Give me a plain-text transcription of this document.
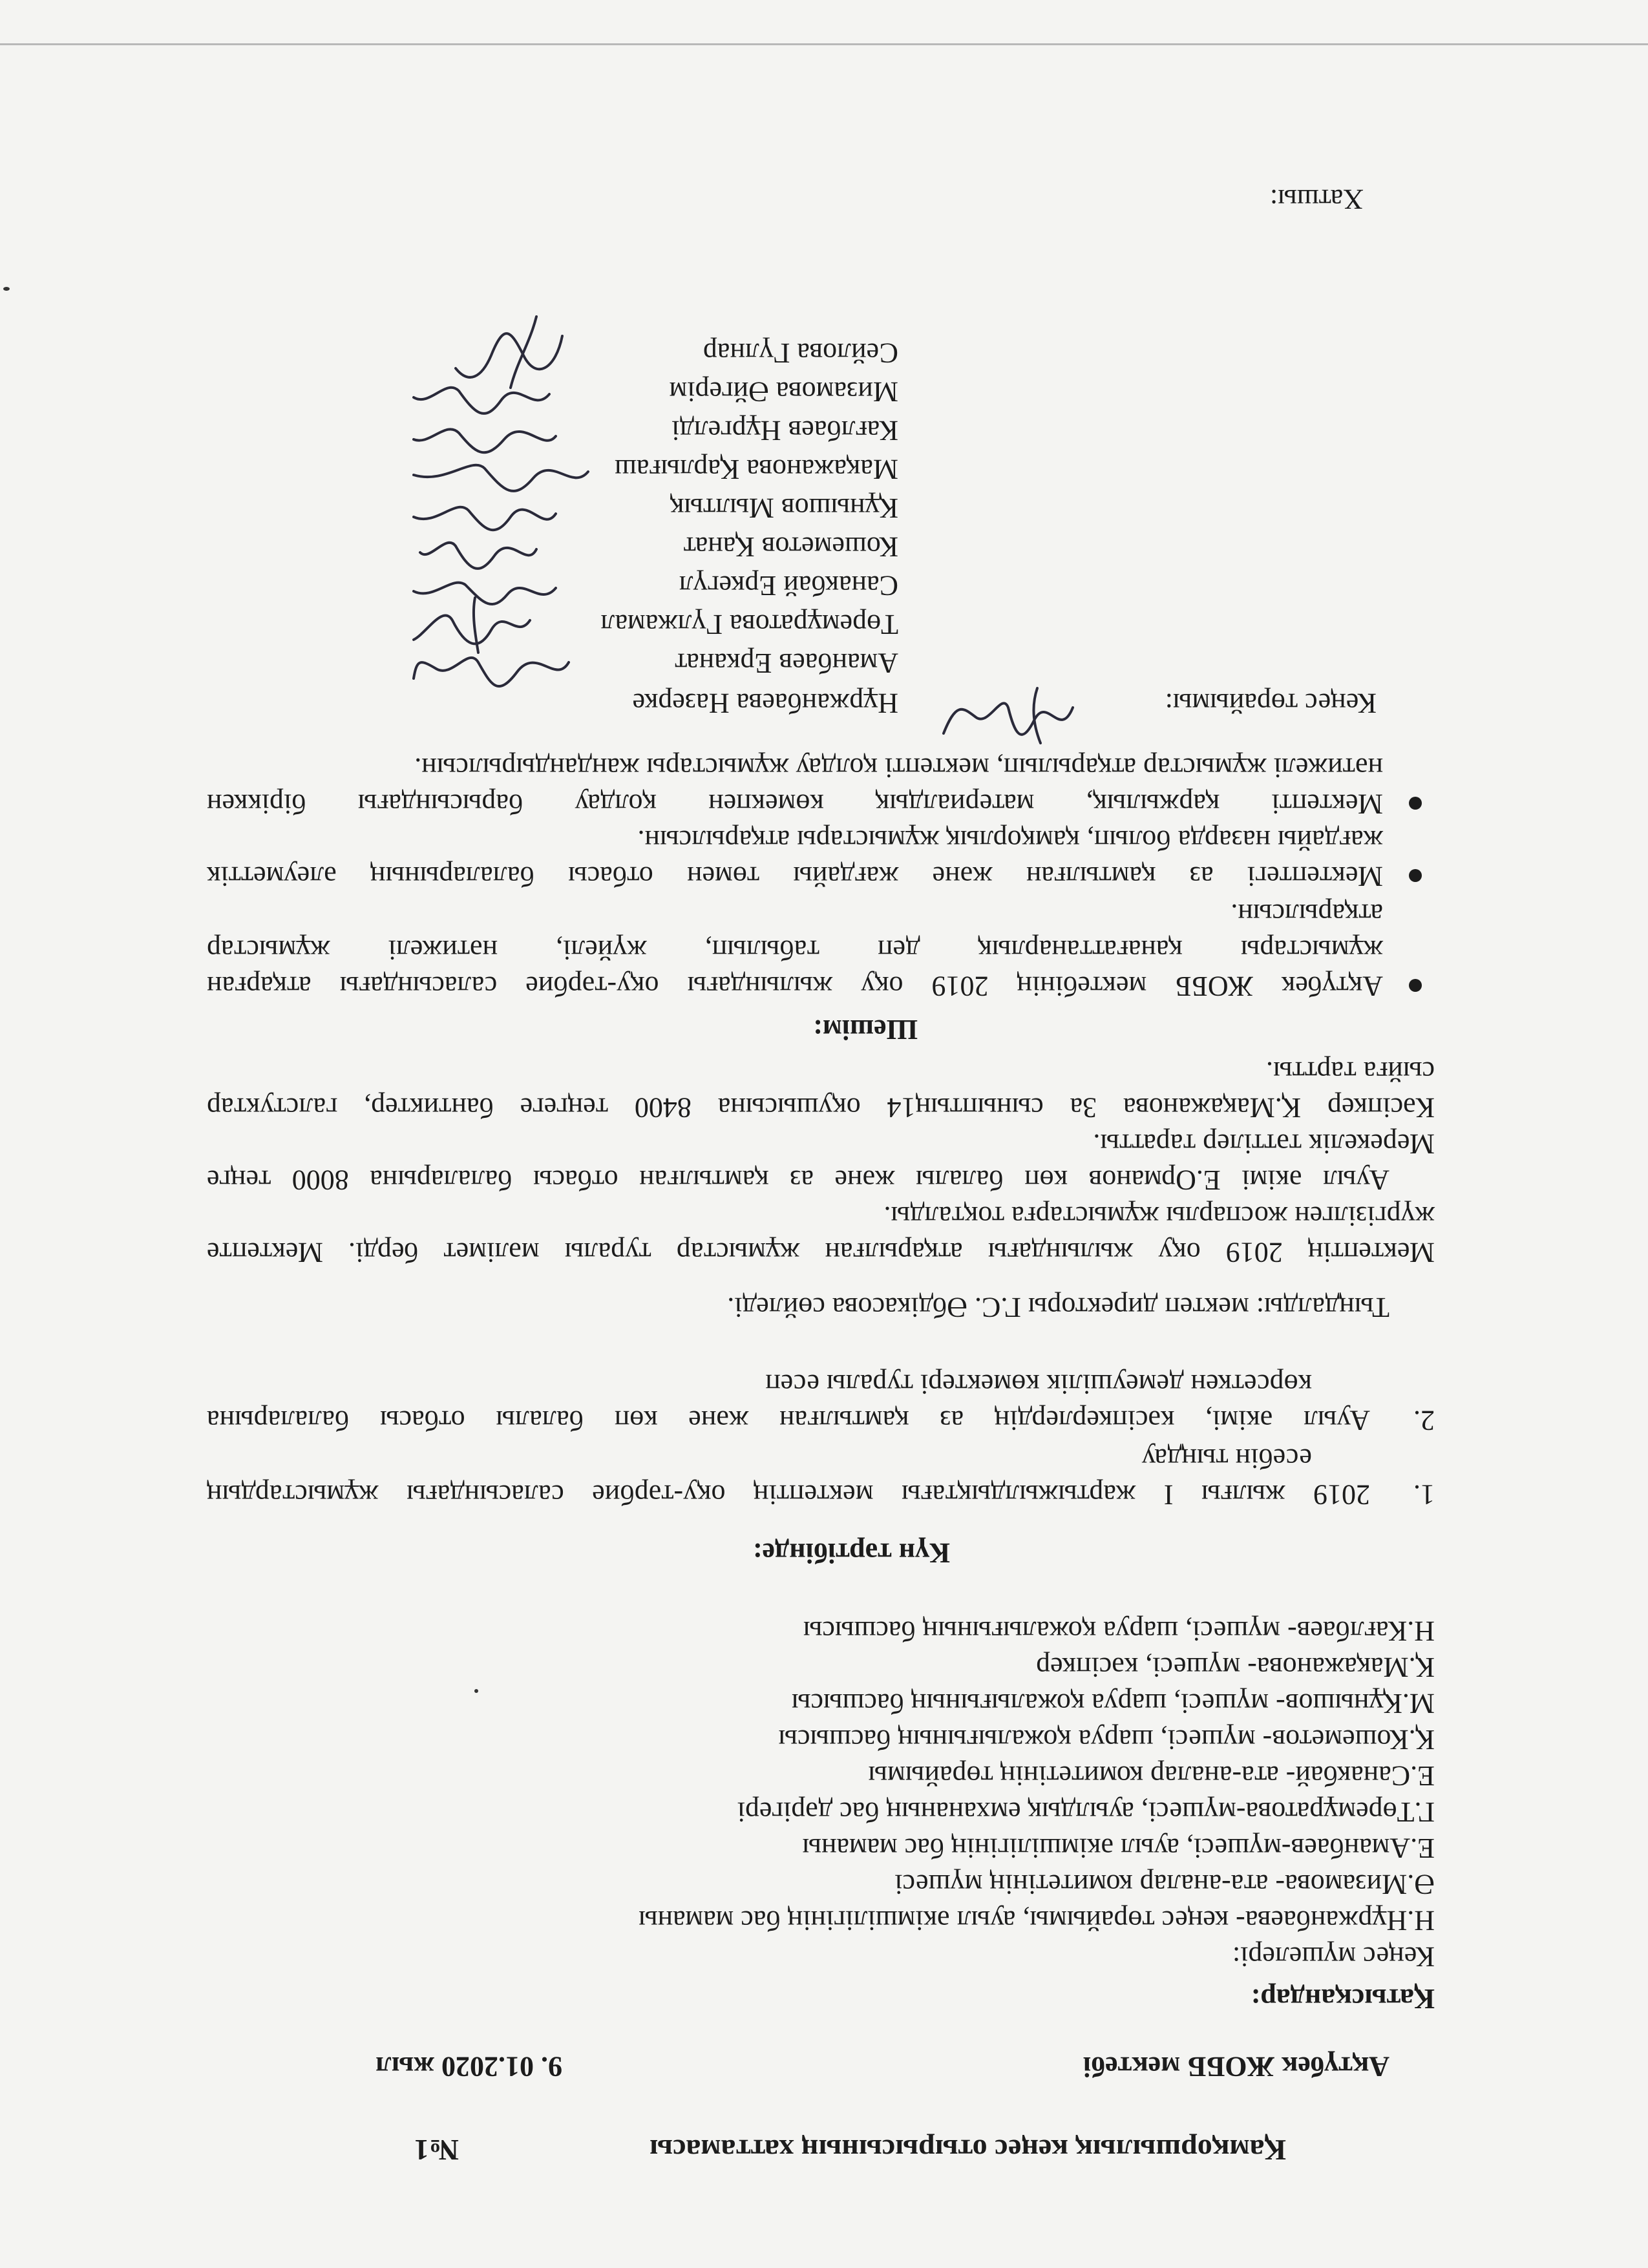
Қамқоршылық кеңес отырысының хаттамасы
№1
Ақтүбек ЖОББ мектебі
9. 01.2020 жыл
Қатысқандар:
Кеңес мүшелері:
Н.Нұржанбаева- кеңес төрайымы, ауыл әкімшілігінің бас маманы
Ә.Мизамова- ата-аналар комитетінің мүшесі
Е.Аманбаев-мүшесі, ауыл әкімшілігінің бас маманы
Г.Төремұратова-мүшесі, ауылдық емхананың бас дәрігері
Е.Санакбай- ата-аналар комитетінің төрайымы
Қ.Кошеметов- мүшесі, шаруа қожалығының басшысы
М.Құнышов- мүшесі, шаруа қожалығының басшысы
Қ.Мақажанова- мүшесі, кәсіпкер
Н.Кағлбаев- мүшесі, шаруа қожалығының басшысы
Күн тәртібінде:
1.
2019 жылғы І жартыжылдықтағы мектептің оқу-тәрбие саласындағы жұмыстардың
есебін тыңдау
2.
Ауыл әкімі, кәсіпкерлердің аз қамтылған және көп балалы отбасы балаларына
көрсеткен демеушілік көмектері туралы есеп
Тыңдалды: мектеп директоры Г.С. Әбдікасова сөйледі.
Мектептің 2019 оқу жылындағы атқарылған жұмыстар туралы мәлімет берді. Мектепте
жүргізілген жоспарлы жұмыстарға тоқталды.
Ауыл әкімі Е.Орманов көп балалы және аз қамтылған отбасы балаларына 8000 теңге
Мерекелік тәттілер таратты.
Кәсіпкер Қ.Мақажанова 3а сыныптың14 оқушысына 8400 теңгеге бантиктер, галстуктар
сыйға тартты.
Шешім:
Ақтүбек ЖОББ мектебінің 2019 оқу жылындағы оқу-тәрбие саласындағы атқарған
жұмыстары қанағаттанарлық деп табылып, жүйелі, нәтижелі жұмыстар
атқарылсын.
Мектептегі аз қамтылған және жағдайы төмен отбасы балаларының әлеуметтік
жағдайы назарда болып, қамқорлық жұмыстары атқарылсын.
Мектепті қаржылық, материалдық көмекпен қолдау барысындағы біріккен
нәтижелі жұмыстар атқарылып, мектепті қолдау жұмыстары жандандырылсын.
Кеңес төрайымы:
Нұржанбаева Назерке
Аманбаев Ерканат
Төремұратова Гүлжамал
Санакбай Еркегүл
Кошеметов Қанат
Құнышов Мылтық
Мақажанова Қарлығаш
Кағлбаев Нұргелді
Мизамова Әйгерім
Сейлова Гүлнар
Хатшы:
